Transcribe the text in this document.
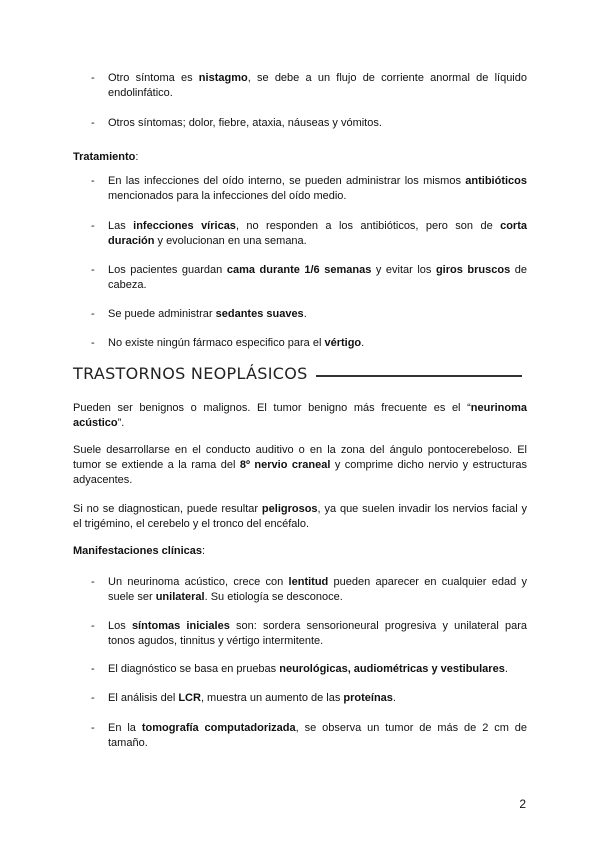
- Otro síntoma es nistagmo, se debe a un flujo de corriente anormal de líquido endolinfático.
- Otros síntomas; dolor, fiebre, ataxia, náuseas y vómitos.
Tratamiento:
- En las infecciones del oído interno, se pueden administrar los mismos antibióticos mencionados para la infecciones del oído medio.
- Las infecciones víricas, no responden a los antibióticos, pero son de corta duración y evolucionan en una semana.
- Los pacientes guardan cama durante 1/6 semanas y evitar los giros bruscos de cabeza.
- Se puede administrar sedantes suaves.
- No existe ningún fármaco especifico para el vértigo.
TRASTORNOS NEOPLÁSICOS

Pueden ser benignos o malignos. El tumor benigno más frecuente es el “neurinoma acústico”.

Suele desarrollarse en el conducto auditivo o en la zona del ángulo pontocerebeloso. El tumor se extiende a la rama del 8º nervio craneal y comprime dicho nervio y estructuras adyacentes.

Si no se diagnostican, puede resultar peligrosos, ya que suelen invadir los nervios facial y el trigémino, el cerebelo y el tronco del encéfalo.

Manifestaciones clínicas:
- Un neurinoma acústico, crece con lentitud pueden aparecer en cualquier edad y suele ser unilateral. Su etiología se desconoce.
- Los síntomas iniciales son: sordera sensorioneural progresiva y unilateral para tonos agudos, tinnitus y vértigo intermitente.
- El diagnóstico se basa en pruebas neurológicas, audiométricas y vestibulares.
- El análisis del LCR, muestra un aumento de las proteínas.
- En la tomografía computadorizada, se observa un tumor de más de 2 cm de tamaño.
2
